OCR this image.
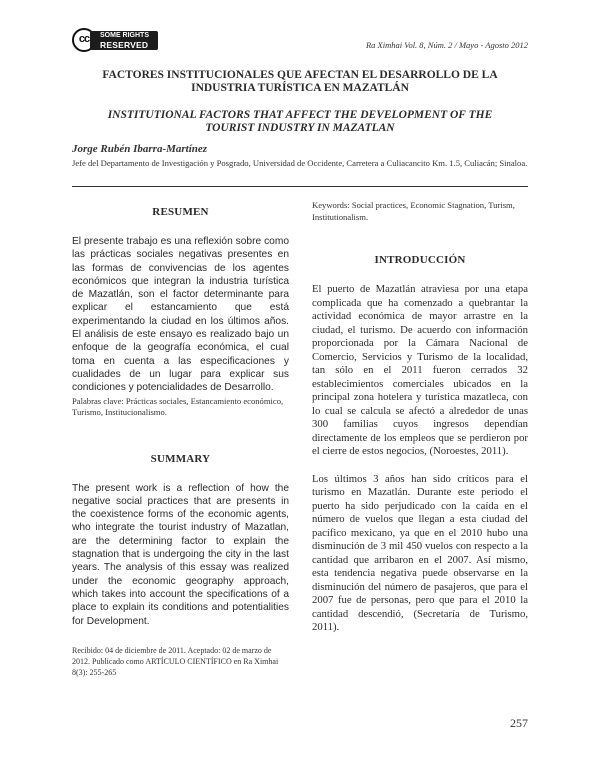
cc	SOME RIGHTS
RESERVED	Ra Ximhai Vol. 8, Núm. 2 / Mayo - Agosto 2012
FACTORES INSTITUCIONALES QUE AFECTAN EL DESARROLLO DE LA INDUSTRIA TURÍSTICA EN MAZATLÁN
INSTITUTIONAL FACTORS THAT AFFECT THE DEVELOPMENT OF THE TOURIST INDUSTRY IN MAZATLAN
Jorge Rubén Ibarra-Martínez
Jefe del Departamento de Investigación y Posgrado, Universidad de Occidente, Carretera a Culiacancito Km. 1.5, Culiacán; Sinaloa.
RESUMEN
El presente trabajo es una reflexión sobre como las prácticas sociales negativas presentes en las formas de convivencias de los agentes económicos que integran la industria turística de Mazatlán, son el factor determinante para explicar el estancamiento que está experimentando la ciudad en los últimos años. El análisis de este ensayo es realizado bajo un enfoque de la geografía económica, el cual toma en cuenta a las especificaciones y cualidades de un lugar para explicar sus condiciones y potencialidades de Desarrollo.
Palabras clave: Prácticas sociales, Estancamiento económico, Turismo, Institucionalismo.
SUMMARY
The present work is a reflection of how the negative social practices that are presents in the coexistence forms of the economic agents, who integrate the tourist industry of Mazatlan, are the determining factor to explain the stagnation that is undergoing the city in the last years. The analysis of this essay was realized under the economic geography approach, which takes into account the specifications of a place to explain its conditions and potentialities for Development.
Recibido: 04 de diciembre de 2011. Aceptado: 02 de marzo de 2012. Publicado como ARTÍCULO CIENTÍFICO en Ra Ximhai 8(3): 255-265
Keywords: Social practices, Economic Stagnation, Turism, Institutionalism.
INTRODUCCIÓN
El puerto de Mazatlán atraviesa por una etapa complicada que ha comenzado a quebrantar la actividad económica de mayor arrastre en la ciudad, el turismo. De acuerdo con información proporcionada por la Cámara Nacional de Comercio, Servicios y Turismo de la localidad, tan sólo en el 2011 fueron cerrados 32 establecimientos comerciales ubicados en la principal zona hotelera y turística mazatleca, con lo cual se calcula se afectó a alrededor de unas 300 familias cuyos ingresos dependían directamente de los empleos que se perdieron por el cierre de estos negocios, (Noroestes, 2011).
Los últimos 3 años han sido críticos para el turismo en Mazatlán. Durante este periodo el puerto ha sido perjudicado con la caída en el número de vuelos que llegan a esta ciudad del pacífico mexicano, ya que en el 2010 hubo una disminución de 3 mil 450 vuelos con respecto a la cantidad que arribaron en el 2007. Así mismo, esta tendencia negativa puede observarse en la disminución del número de pasajeros, que para el 2007 fue de personas, pero que para el 2010 la cantidad descendió, (Secretaría de Turismo, 2011).
257
